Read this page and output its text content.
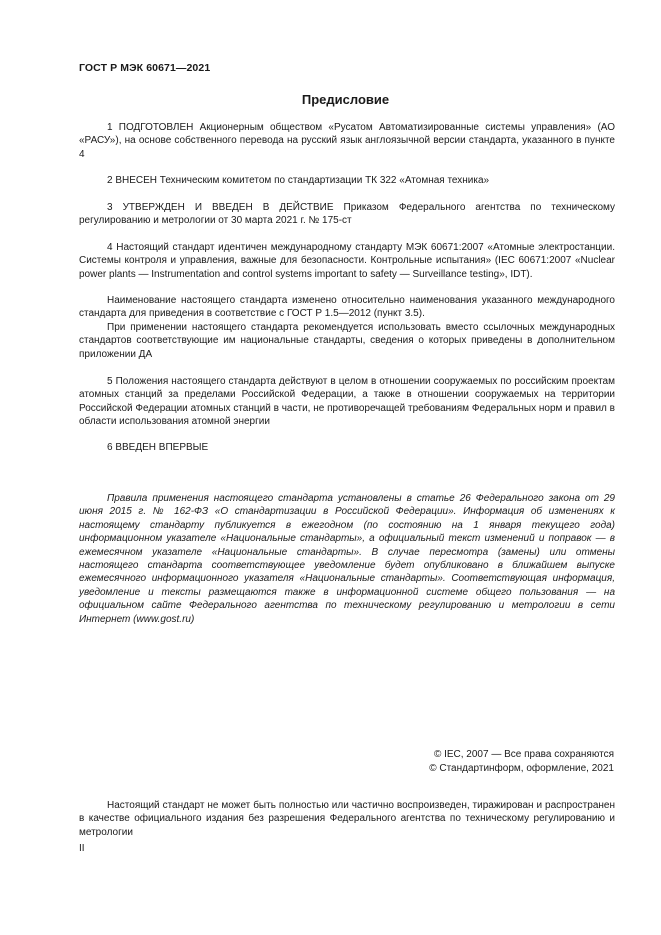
ГОСТ Р МЭК 60671—2021
Предисловие

1 ПОДГОТОВЛЕН Акционерным обществом «Русатом Автоматизированные системы управления» (АО «РАСУ»), на основе собственного перевода на русский язык англоязычной версии стандарта, указанного в пункте 4

2 ВНЕСЕН Техническим комитетом по стандартизации ТК 322 «Атомная техника»

3 УТВЕРЖДЕН И ВВЕДЕН В ДЕЙСТВИЕ Приказом Федерального агентства по техническому регулированию и метрологии от 30 марта 2021 г. № 175-ст

4 Настоящий стандарт идентичен международному стандарту МЭК 60671:2007 «Атомные электростанции. Системы контроля и управления, важные для безопасности. Контрольные испытания» (IEC 60671:2007 «Nuclear power plants — Instrumentation and control systems important to safety — Surveillance testing», IDT).

Наименование настоящего стандарта изменено относительно наименования указанного международного стандарта для приведения в соответствие с ГОСТ Р 1.5—2012 (пункт 3.5).

При применении настоящего стандарта рекомендуется использовать вместо ссылочных международных стандартов соответствующие им национальные стандарты, сведения о которых приведены в дополнительном приложении ДА

5 Положения настоящего стандарта действуют в целом в отношении сооружаемых по российским проектам атомных станций за пределами Российской Федерации, а также в отношении сооружаемых на территории Российской Федерации атомных станций в части, не противоречащей требованиям Федеральных норм и правил в области использования атомной энергии

6 ВВЕДЕН ВПЕРВЫЕ

Правила применения настоящего стандарта установлены в статье 26 Федерального закона от 29 июня 2015 г. № 162-ФЗ «О стандартизации в Российской Федерации». Информация об изменениях к настоящему стандарту публикуется в ежегодном (по состоянию на 1 января текущего года) информационном указателе «Национальные стандарты», а официальный текст изменений и поправок — в ежемесячном указателе «Национальные стандарты». В случае пересмотра (замены) или отмены настоящего стандарта соответствующее уведомление будет опубликовано в ближайшем выпуске ежемесячного информационного указателя «Национальные стандарты». Соответствующая информация, уведомление и тексты размещаются также в информационной системе общего пользования — на официальном сайте Федерального агентства по техническому регулированию и метрологии в сети Интернет (www.gost.ru)

© IEC, 2007 — Все права сохраняются
© Стандартинформ, оформление, 2021

Настоящий стандарт не может быть полностью или частично воспроизведен, тиражирован и распространен в качестве официального издания без разрешения Федерального агентства по техническому регулированию и метрологии

II
